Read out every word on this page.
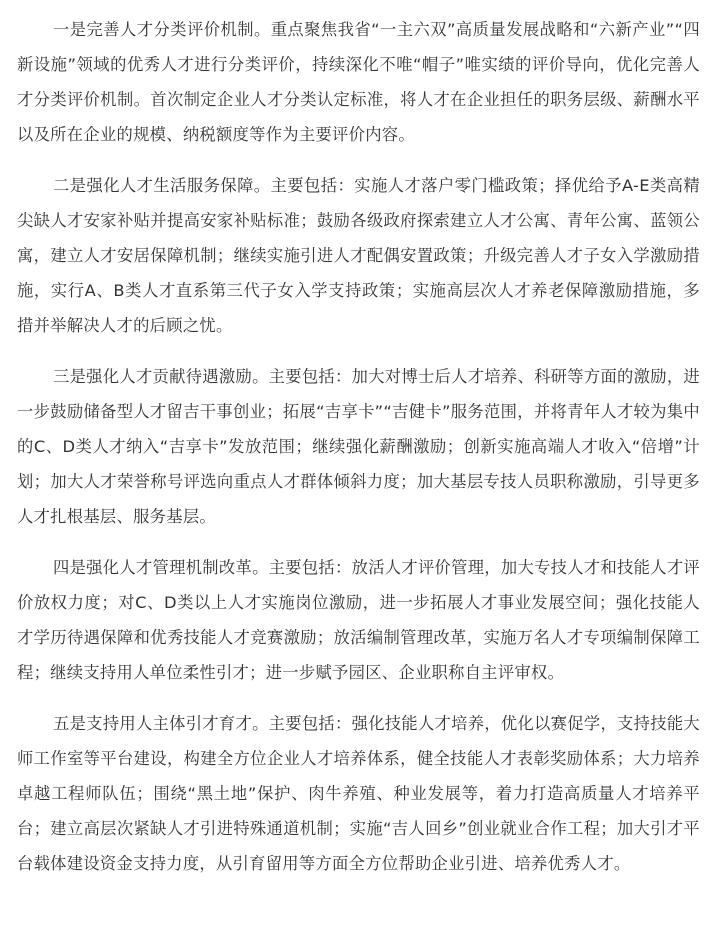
一是完善人才分类评价机制。重点聚焦我省“一主六双”高质量发展战略和“六新产业”“四新设施”领域的优秀人才进行分类评价，持续深化不唯“帽子”唯实绩的评价导向，优化完善人才分类评价机制。首次制定企业人才分类认定标准，将人才在企业担任的职务层级、薪酬水平以及所在企业的规模、纳税额度等作为主要评价内容。

二是强化人才生活服务保障。主要包括：实施人才落户零门槛政策；择优给予A-E类高精尖缺人才安家补贴并提高安家补贴标准；鼓励各级政府探索建立人才公寓、青年公寓、蓝领公寓，建立人才安居保障机制；继续实施引进人才配偶安置政策；升级完善人才子女入学激励措施，实行A、B类人才直系第三代子女入学支持政策；实施高层次人才养老保障激励措施，多措并举解决人才的后顾之忧。

三是强化人才贡献待遇激励。主要包括：加大对博士后人才培养、科研等方面的激励，进一步鼓励储备型人才留吉干事创业；拓展“吉享卡”“吉健卡”服务范围，并将青年人才较为集中的C、D类人才纳入“吉享卡”发放范围；继续强化薪酬激励；创新实施高端人才收入“倍增”计划；加大人才荣誉称号评选向重点人才群体倾斜力度；加大基层专技人员职称激励，引导更多人才扎根基层、服务基层。

四是强化人才管理机制改革。主要包括：放活人才评价管理，加大专技人才和技能人才评价放权力度；对C、D类以上人才实施岗位激励，进一步拓展人才事业发展空间；强化技能人才学历待遇保障和优秀技能人才竞赛激励；放活编制管理改革，实施万名人才专项编制保障工程；继续支持用人单位柔性引才；进一步赋予园区、企业职称自主评审权。

五是支持用人主体引才育才。主要包括：强化技能人才培养，优化以赛促学，支持技能大师工作室等平台建设，构建全方位企业人才培养体系，健全技能人才表彰奖励体系；大力培养卓越工程师队伍；围绕“黑土地”保护、肉牛养殖、种业发展等，着力打造高质量人才培养平台；建立高层次紧缺人才引进特殊通道机制；实施“吉人回乡”创业就业合作工程；加大引才平台载体建设资金支持力度，从引育留用等方面全方位帮助企业引进、培养优秀人才。
